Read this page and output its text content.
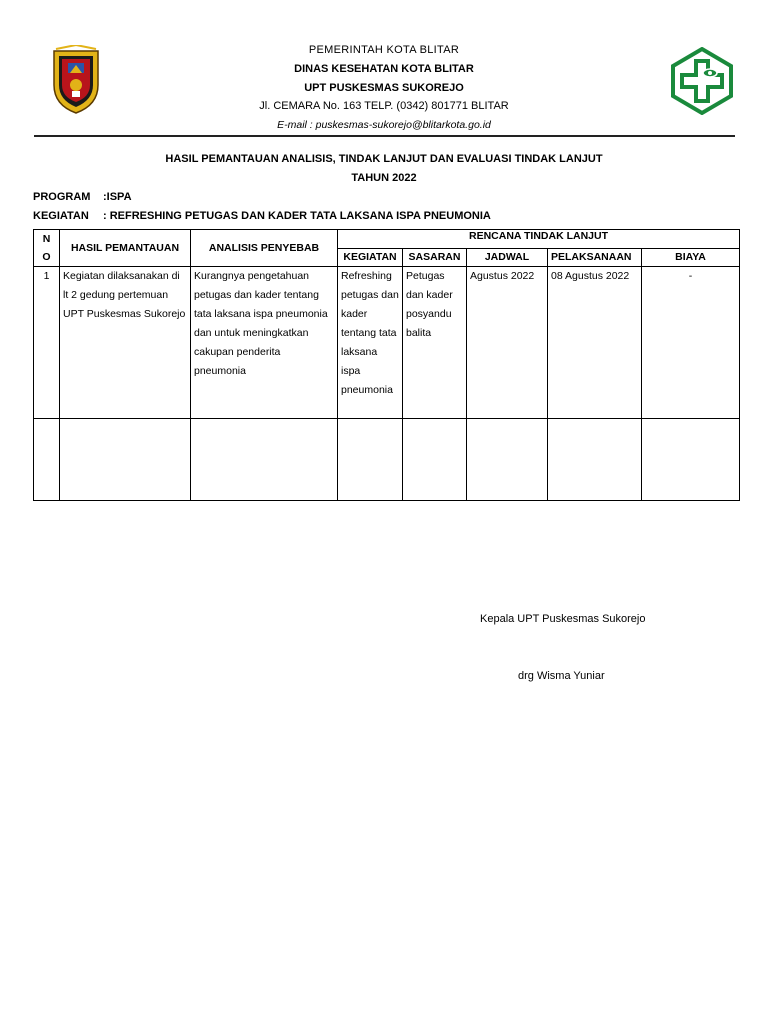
PEMERINTAH KOTA BLITAR
DINAS KESEHATAN KOTA BLITAR
UPT PUSKESMAS SUKOREJO
Jl. CEMARA No. 163 TELP. (0342) 801771 BLITAR
E-mail : puskesmas-sukorejo@blitarkota.go.id
HASIL PEMANTAUAN ANALISIS, TINDAK LANJUT DAN EVALUASI TINDAK LANJUT
TAHUN 2022
PROGRAM :ISPA
KEGIATAN : REFRESHING PETUGAS DAN KADER TATA LAKSANA ISPA PNEUMONIA
N
O	HASIL PEMANTAUAN	ANALISIS PENYEBAB	RENCANA TINDAK LANJUT				
			KEGIATAN	SASARAN	JADWAL	PELAKSANAAN	BIAYA
1	Kegiatan dilaksanakan di lt 2 gedung pertemuan UPT Puskesmas Sukorejo	Kurangnya pengetahuan petugas dan kader tentang tata laksana ispa pneumonia dan untuk meningkatkan cakupan penderita pneumonia	Refreshing petugas dan kader tentang tata laksana ispa pneumonia	Petugas dan kader posyandu balita	Agustus 2022	08 Agustus 2022	-

Kepala UPT Puskesmas Sukorejo
drg Wisma Yuniar
